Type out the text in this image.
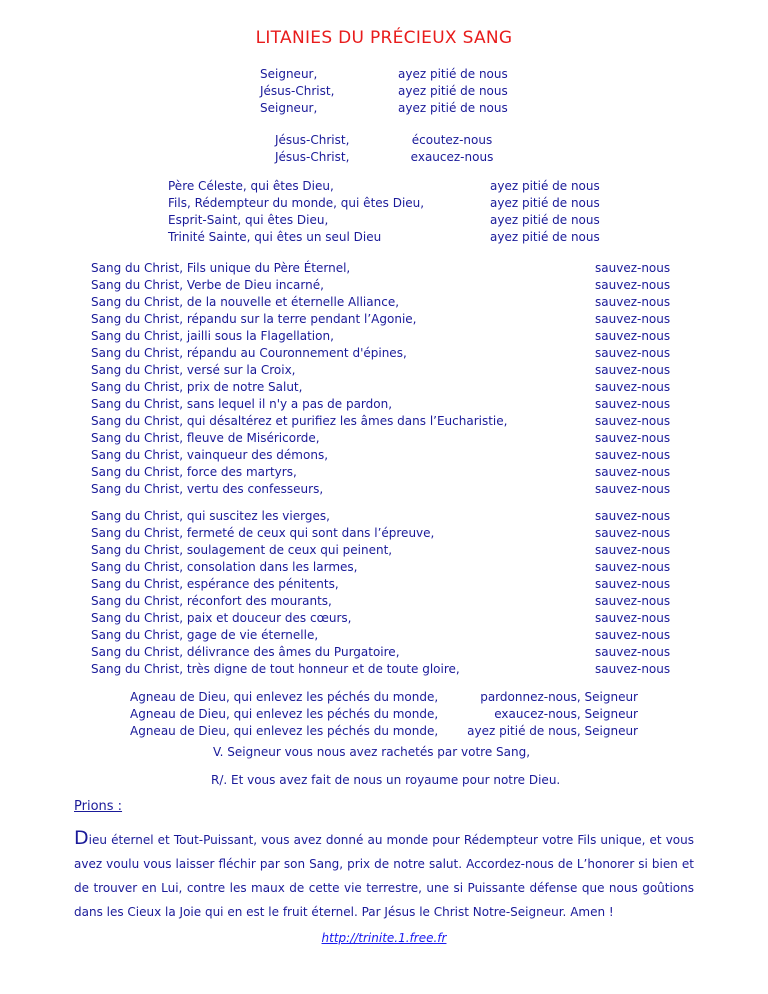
LITANIES DU PRÉCIEUX SANG
Seigneur,
Jésus-Christ,
Seigneur,
ayez pitié de nous
ayez pitié de nous
ayez pitié de nous
Jésus-Christ,
Jésus-Christ,
écoutez-nous
exaucez-nous
Père Céleste, qui êtes Dieu,
Fils, Rédempteur du monde, qui êtes Dieu,
Esprit-Saint, qui êtes Dieu,
Trinité Sainte, qui êtes un seul Dieu
ayez pitié de nous
ayez pitié de nous
ayez pitié de nous
ayez pitié de nous
Sang du Christ, Fils unique du Père Éternel,
Sang du Christ, Verbe de Dieu incarné,
Sang du Christ, de la nouvelle et éternelle Alliance,
Sang du Christ, répandu sur la terre pendant l’Agonie,
Sang du Christ, jailli sous la Flagellation,
Sang du Christ, répandu au Couronnement d'épines,
Sang du Christ, versé sur la Croix,
Sang du Christ, prix de notre Salut,
Sang du Christ, sans lequel il n'y a pas de pardon,
Sang du Christ, qui désaltérez et purifiez les âmes dans l’Eucharistie,
Sang du Christ, fleuve de Miséricorde,
Sang du Christ, vainqueur des démons,
Sang du Christ, force des martyrs,
Sang du Christ, vertu des confesseurs,
sauvez-nous
sauvez-nous
sauvez-nous
sauvez-nous
sauvez-nous
sauvez-nous
sauvez-nous
sauvez-nous
sauvez-nous
sauvez-nous
sauvez-nous
sauvez-nous
sauvez-nous
sauvez-nous
Sang du Christ, qui suscitez les vierges,
Sang du Christ, fermeté de ceux qui sont dans l’épreuve,
Sang du Christ, soulagement de ceux qui peinent,
Sang du Christ, consolation dans les larmes,
Sang du Christ, espérance des pénitents,
Sang du Christ, réconfort des mourants,
Sang du Christ, paix et douceur des cœurs,
Sang du Christ, gage de vie éternelle,
Sang du Christ, délivrance des âmes du Purgatoire,
Sang du Christ, très digne de tout honneur et de toute gloire,
sauvez-nous
sauvez-nous
sauvez-nous
sauvez-nous
sauvez-nous
sauvez-nous
sauvez-nous
sauvez-nous
sauvez-nous
sauvez-nous
Agneau de Dieu, qui enlevez les péchés du monde,
Agneau de Dieu, qui enlevez les péchés du monde,
Agneau de Dieu, qui enlevez les péchés du monde,
pardonnez-nous, Seigneur
exaucez-nous, Seigneur
ayez pitié de nous, Seigneur
V. Seigneur vous nous avez rachetés par votre Sang,
R/. Et vous avez fait de nous un royaume pour notre Dieu.
Prions :
Dieu éternel et Tout-Puissant, vous avez donné au monde pour Rédempteur votre Fils unique, et vous avez voulu vous laisser fléchir par son Sang, prix de notre salut. Accordez-nous de L’honorer si bien et de trouver en Lui, contre les maux de cette vie terrestre, une si Puissante défense que nous goûtions dans les Cieux la Joie qui en est le fruit éternel. Par Jésus le Christ Notre-Seigneur. Amen !
http://trinite.1.free.fr
